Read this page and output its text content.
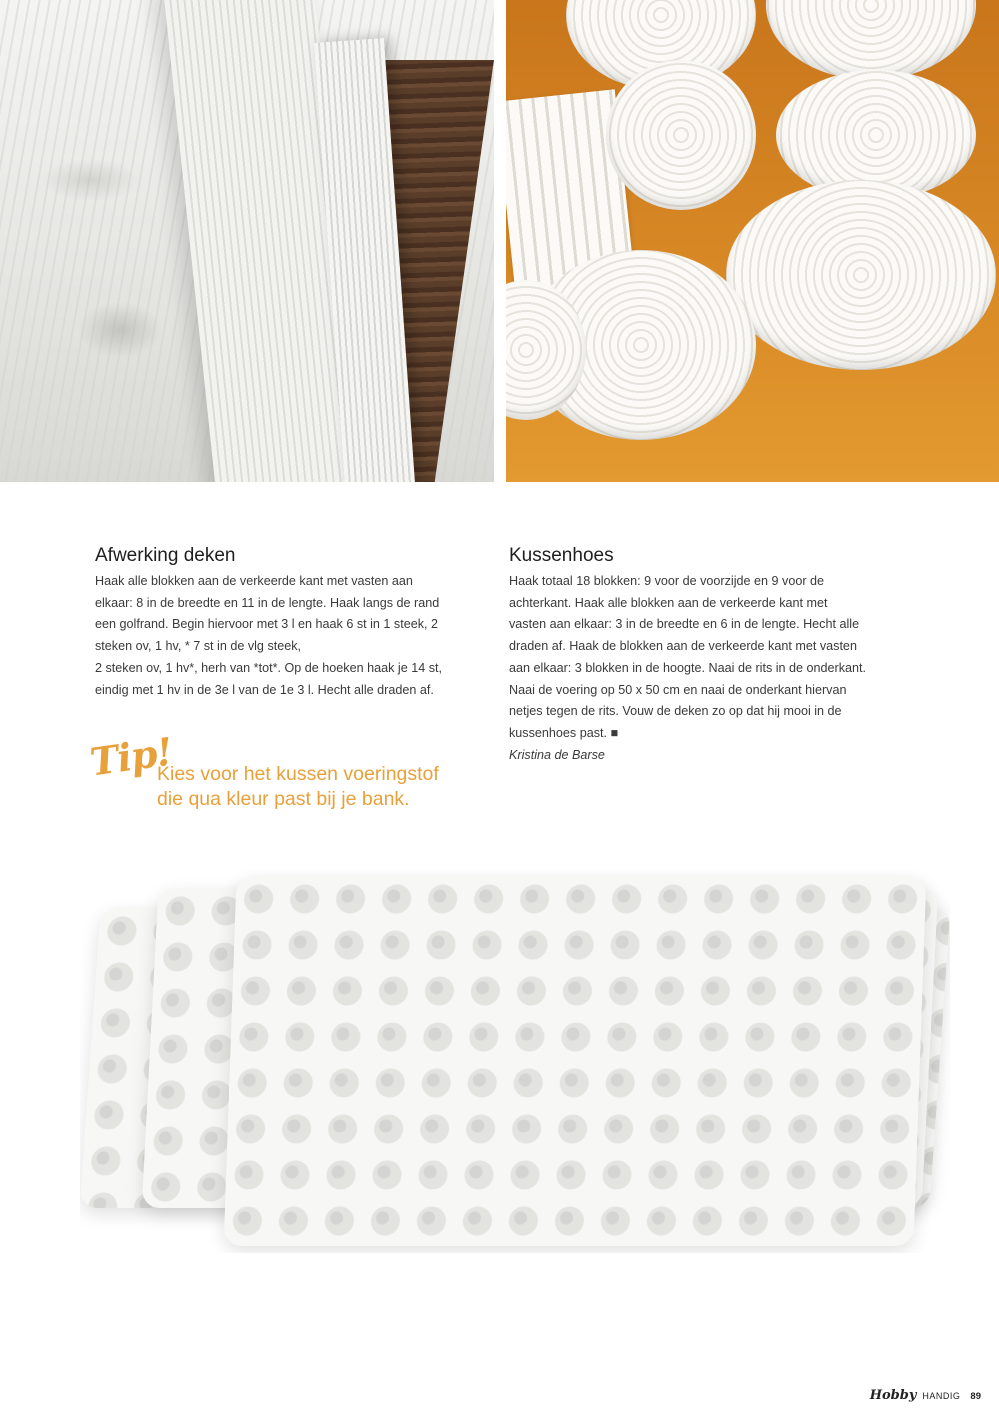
Afwerking deken

Haak alle blokken aan de verkeerde kant met vasten aan
elkaar: 8 in de breedte en 11 in de lengte. Haak langs de rand
een golfrand. Begin hiervoor met 3 l en haak 6 st in 1 steek, 2
steken ov, 1 hv, * 7 st in de vlg steek,
2 steken ov, 1 hv*, herh van *tot*. Op de hoeken haak je 14 st,
eindig met 1 hv in de 3e l van de 1e 3 l. Hecht alle draden af.

Kussenhoes

Haak totaal 18 blokken: 9 voor de voorzijde en 9 voor de
achterkant. Haak alle blokken aan de verkeerde kant met
vasten aan elkaar: 3 in de breedte en 6 in de lengte. Hecht alle
draden af. Haak de blokken aan de verkeerde kant met vasten
aan elkaar: 3 blokken in de hoogte. Naai de rits in de onderkant.
Naai de voering op 50 x 50 cm en naai de onderkant hiervan
netjes tegen de rits. Vouw de deken zo op dat hij mooi in de
kussenhoes past. ■
Kristina de Barse

Tip!

Kies voor het kussen voeringstof
die qua kleur past bij je bank.

Hobby HANDIG 89
